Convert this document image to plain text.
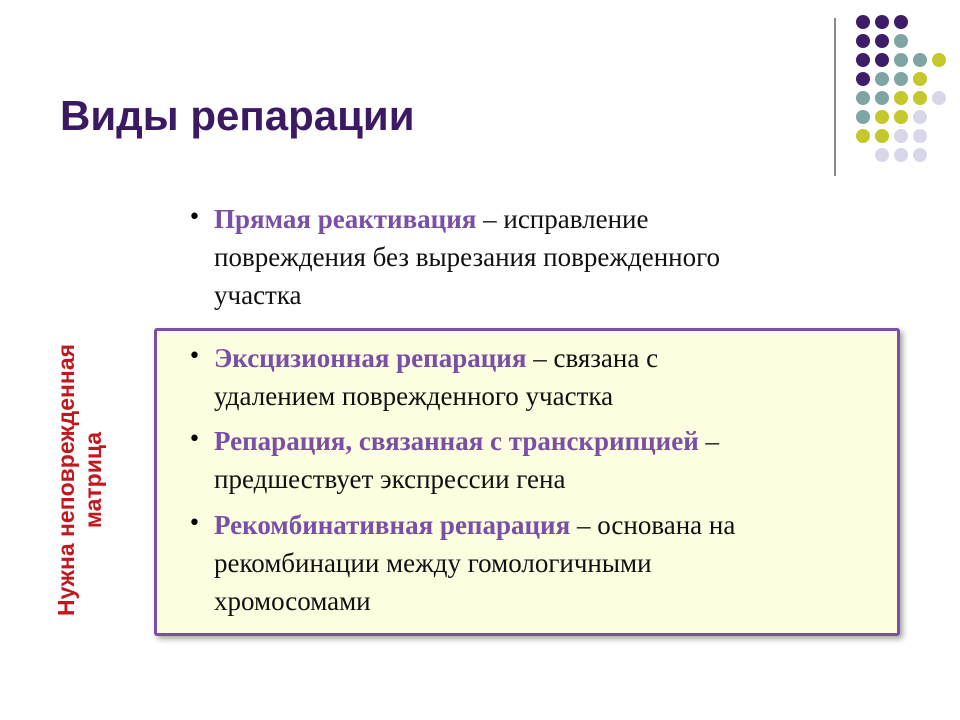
Виды репарации
• Прямая реактивация – исправление
повреждения без вырезания поврежденного
участка
• Эксцизионная репарация – связана с
удалением поврежденного участка
• Репарация, связанная с транскрипцией –
предшествует экспрессии гена
• Рекомбинативная репарация – основана на
рекомбинации между гомологичными
хромосомами
Нужна неповрежденная
матрица
